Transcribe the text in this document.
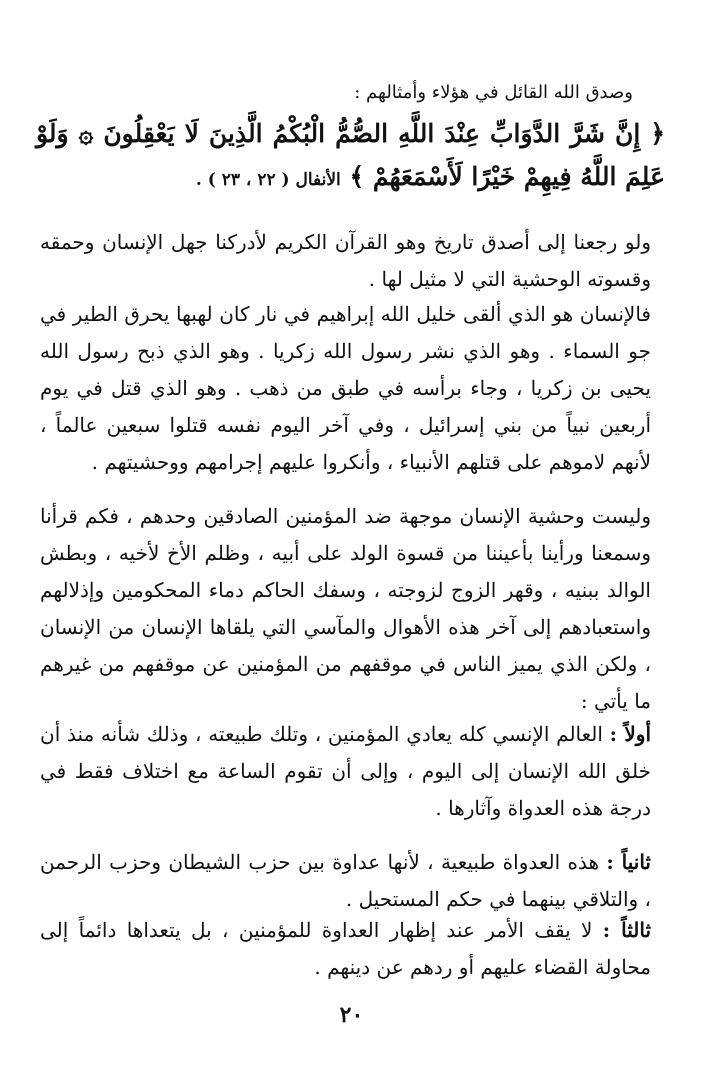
وصدق الله القائل في هؤلاء وأمثالهم :
﴿ إِنَّ شَرَّ الدَّوَابِّ عِنْدَ اللَّهِ الصُّمُّ الْبُكْمُ الَّذِينَ لَا يَعْقِلُونَ ۞ وَلَوْ عَلِمَ اللَّهُ فِيهِمْ خَيْرًا لَأَسْمَعَهُمْ ﴾ الأنفال ( ٢٢ ، ٢٣ ) .

ولو رجعنا إلى أصدق تاريخ وهو القرآن الكريم لأدركنا جهل الإنسان وحمقه وقسوته الوحشية التي لا مثيل لها .

فالإنسان هو الذي ألقى خليل الله إبراهيم في نار كان لهبها يحرق الطير في جو السماء . وهو الذي نشر رسول الله زكريا . وهو الذي ذبح رسول الله يحيى بن زكريا ، وجاء برأسه في طبق من ذهب . وهو الذي قتل في يوم أربعين نبياً من بني إسرائيل ، وفي آخر اليوم نفسه قتلوا سبعين عالماً ، لأنهم لاموهم على قتلهم الأنبياء ، وأنكروا عليهم إجرامهم ووحشيتهم .

وليست وحشية الإنسان موجهة ضد المؤمنين الصادقين وحدهم ، فكم قرأنا وسمعنا ورأينا بأعيننا من قسوة الولد على أبيه ، وظلم الأخ لأخيه ، وبطش الوالد ببنيه ، وقهر الزوج لزوجته ، وسفك الحاكم دماء المحكومين وإذلالهم واستعبادهم إلى آخر هذه الأهوال والمآسي التي يلقاها الإنسان من الإنسان ، ولكن الذي يميز الناس في موقفهم من المؤمنين عن موقفهم من غيرهم ما يأتي :

أولاً : العالم الإنسي كله يعادي المؤمنين ، وتلك طبيعته ، وذلك شأنه منذ أن خلق الله الإنسان إلى اليوم ، وإلى أن تقوم الساعة مع اختلاف فقط في درجة هذه العدواة وآثارها .

ثانياً : هذه العدواة طبيعية ، لأنها عداوة بين حزب الشيطان وحزب الرحمن ، والتلاقي بينهما في حكم المستحيل .

ثالثاً : لا يقف الأمر عند إظهار العداوة للمؤمنين ، بل يتعداها دائماً إلى محاولة القضاء عليهم أو ردهم عن دينهم .

٢٠
